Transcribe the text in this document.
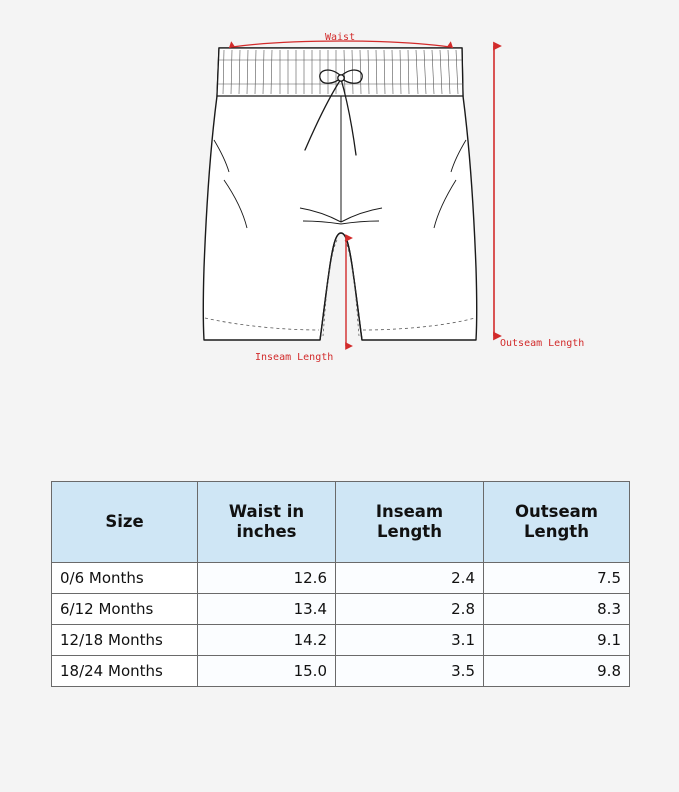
Waist
Inseam Length
Outseam Length
Size	Waist in inches	Inseam Length	Outseam Length
0/6 Months	12.6	2.4	7.5
6/12 Months	13.4	2.8	8.3
12/18 Months	14.2	3.1	9.1
18/24 Months	15.0	3.5	9.8
